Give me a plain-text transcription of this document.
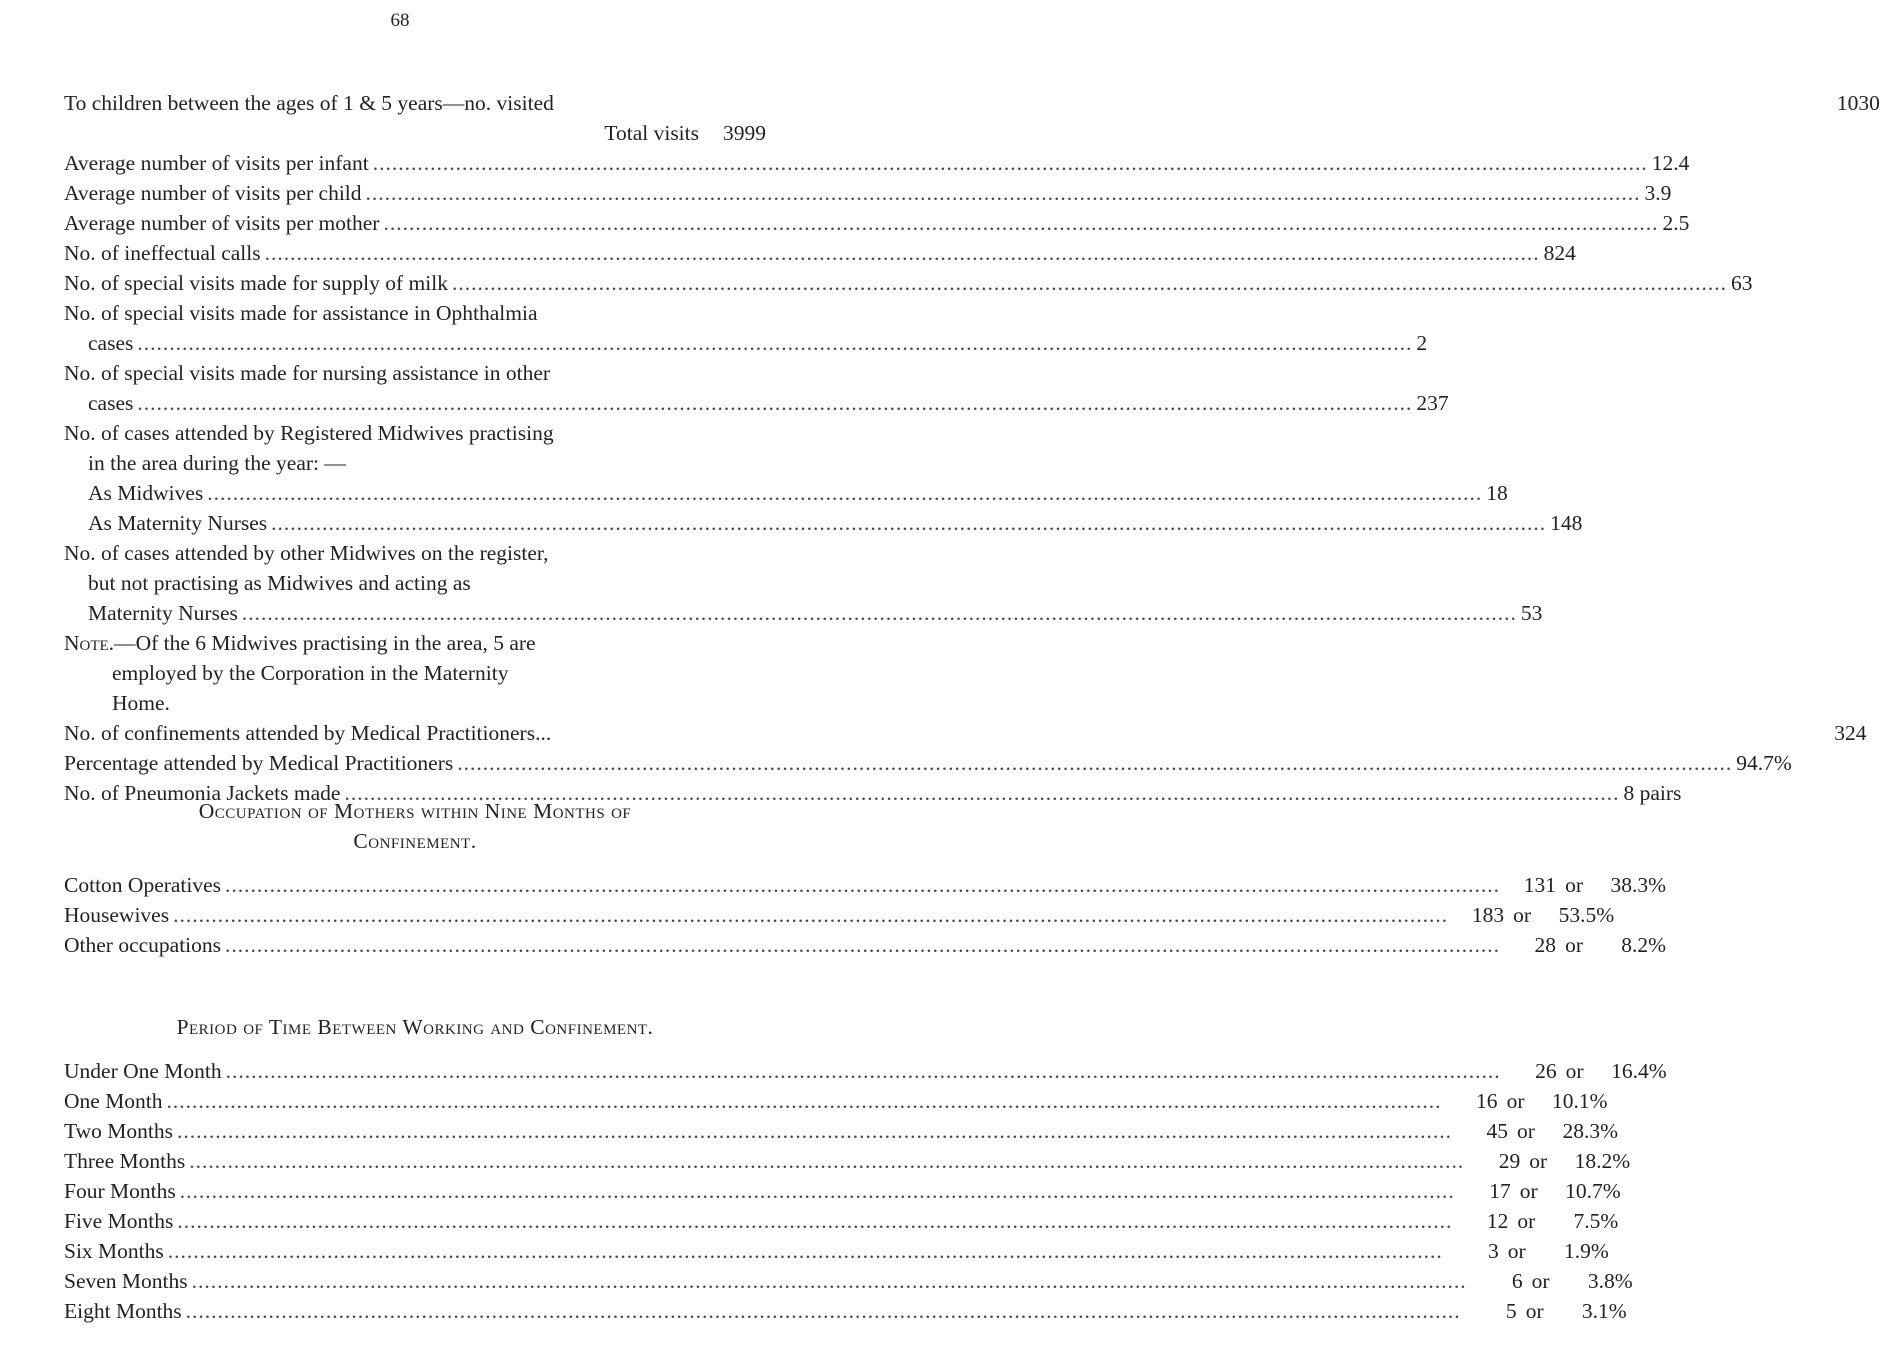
68
To children between the ages of 1 & 5 years—no. visited	1030
Total visits 3999
Average number of visits per infant ........................................................................................................................................................................................................ 12.4
Average number of visits per child ........................................................................................................................................................................................................ 3.9
Average number of visits per mother ........................................................................................................................................................................................................ 2.5
No. of ineffectual calls ........................................................................................................................................................................................................ 824
No. of special visits made for supply of milk ........................................................................................................................................................................................................ 63
No. of special visits made for assistance in Ophthalmia
cases ........................................................................................................................................................................................................ 2
No. of special visits made for nursing assistance in other
cases ........................................................................................................................................................................................................ 237
No. of cases attended by Registered Midwives practising
in the area during the year: —
As Midwives ........................................................................................................................................................................................................ 18
As Maternity Nurses ........................................................................................................................................................................................................ 148
No. of cases attended by other Midwives on the register,
but not practising as Midwives and acting as
Maternity Nurses ........................................................................................................................................................................................................ 53
Note.—Of the 6 Midwives practising in the area, 5 are
employed by the Corporation in the Maternity
Home.
No. of confinements attended by Medical Practitioners...	324
Percentage attended by Medical Practitioners ........................................................................................................................................................................................................ 94.7%
No. of Pneumonia Jackets made ........................................................................................................................................................................................................ 8 pairs
Occupation of Mothers within Nine Months of
Confinement.
Cotton Operatives ........................................................................................................................................................................................................	131 or 38.3%
Housewives ........................................................................................................................................................................................................	183 or 53.5%
Other occupations ........................................................................................................................................................................................................	28 or 8.2%
Period of Time Between Working and Confinement.
Under One Month ........................................................................................................................................................................................................	26 or 16.4%
One Month ........................................................................................................................................................................................................	16 or 10.1%
Two Months ........................................................................................................................................................................................................	45 or 28.3%
Three Months ........................................................................................................................................................................................................	29 or 18.2%
Four Months ........................................................................................................................................................................................................	17 or 10.7%
Five Months ........................................................................................................................................................................................................	12 or 7.5%
Six Months ........................................................................................................................................................................................................	3 or 1.9%
Seven Months ........................................................................................................................................................................................................	6 or 3.8%
Eight Months ........................................................................................................................................................................................................	5 or 3.1%
